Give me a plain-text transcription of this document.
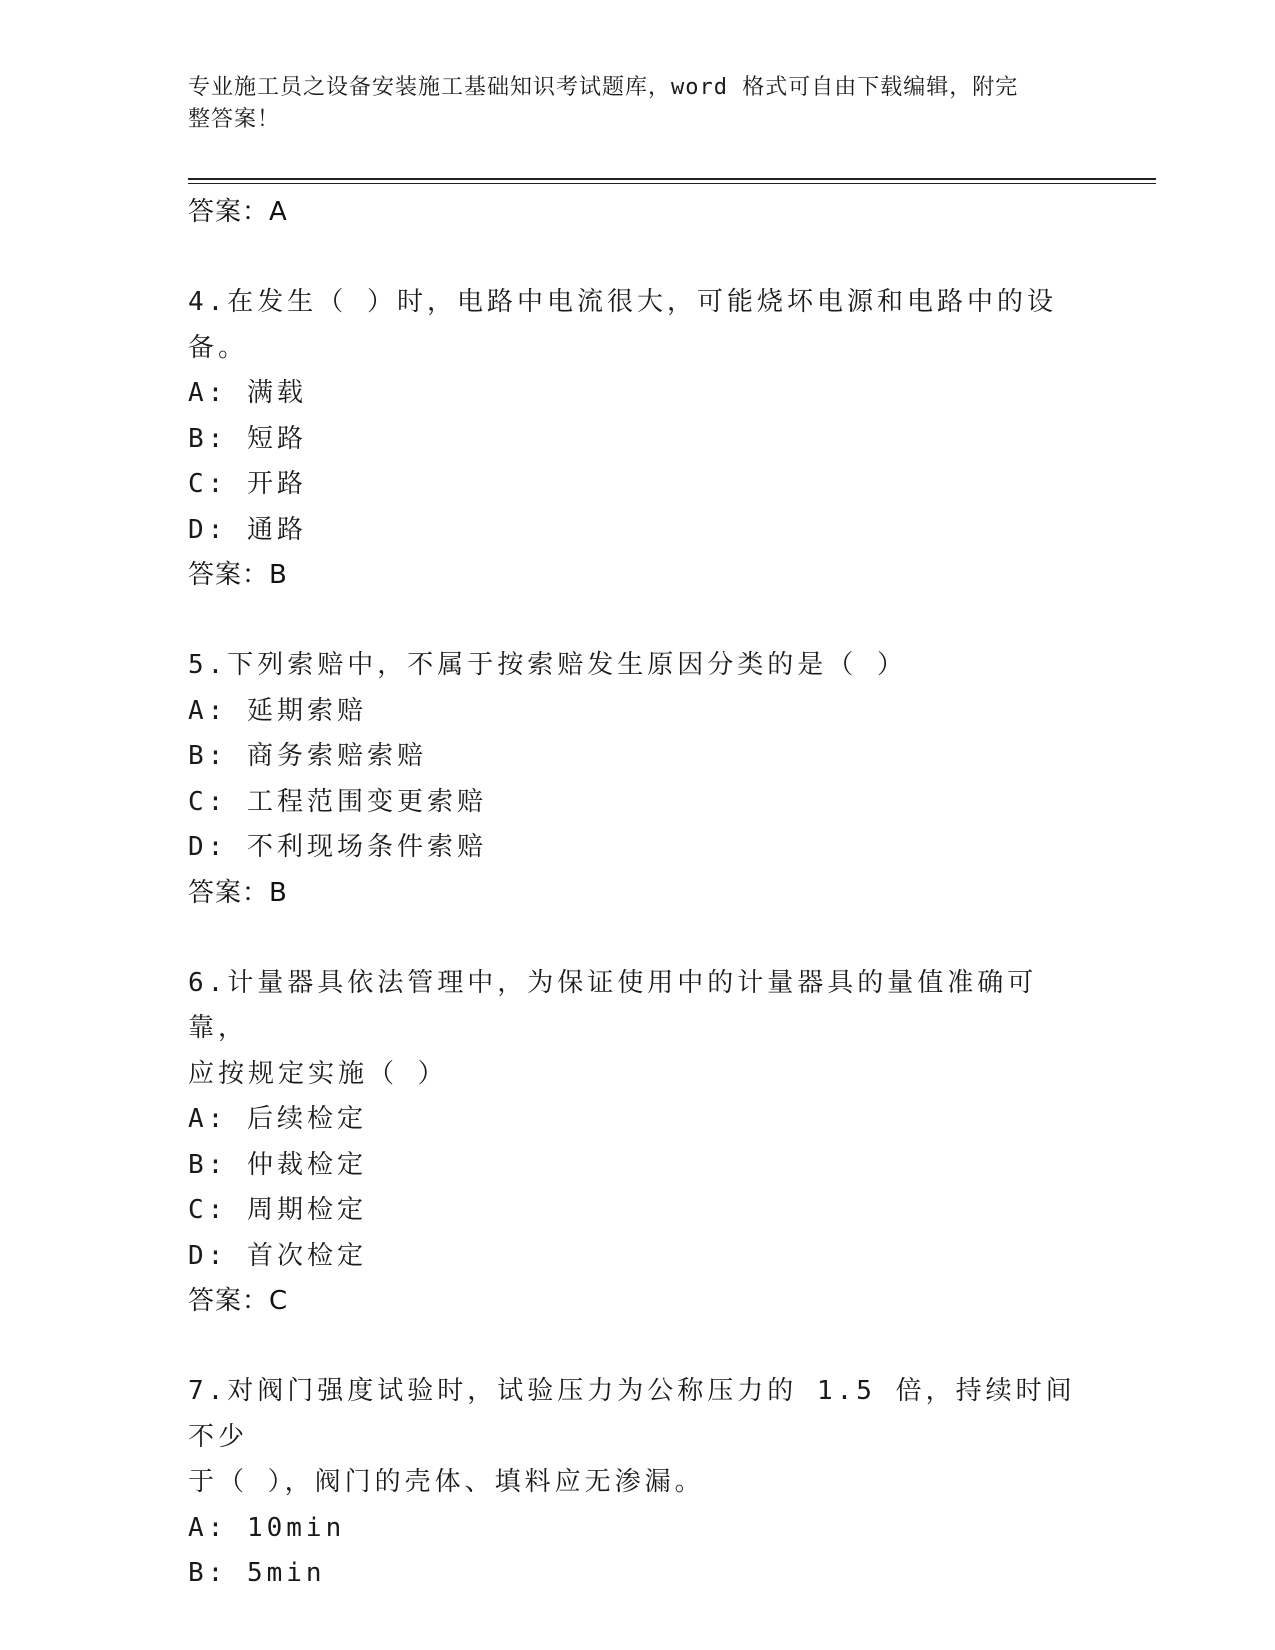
专业施工员之设备安装施工基础知识考试题库，word 格式可自由下载编辑，附完
整答案！
答案：A
4.在发生（ ）时，电路中电流很大，可能烧坏电源和电路中的设备。
A: 满载
B: 短路
C: 开路
D: 通路
答案：B
5.下列索赔中，不属于按索赔发生原因分类的是（ ）
A: 延期索赔
B: 商务索赔索赔
C: 工程范围变更索赔
D: 不利现场条件索赔
答案：B
6.计量器具依法管理中，为保证使用中的计量器具的量值准确可靠，
应按规定实施（ ）
A: 后续检定
B: 仲裁检定
C: 周期检定
D: 首次检定
答案：C
7.对阀门强度试验时，试验压力为公称压力的 1.5 倍，持续时间不少
于（ ），阀门的壳体、填料应无渗漏。
A: 10min
B: 5min
